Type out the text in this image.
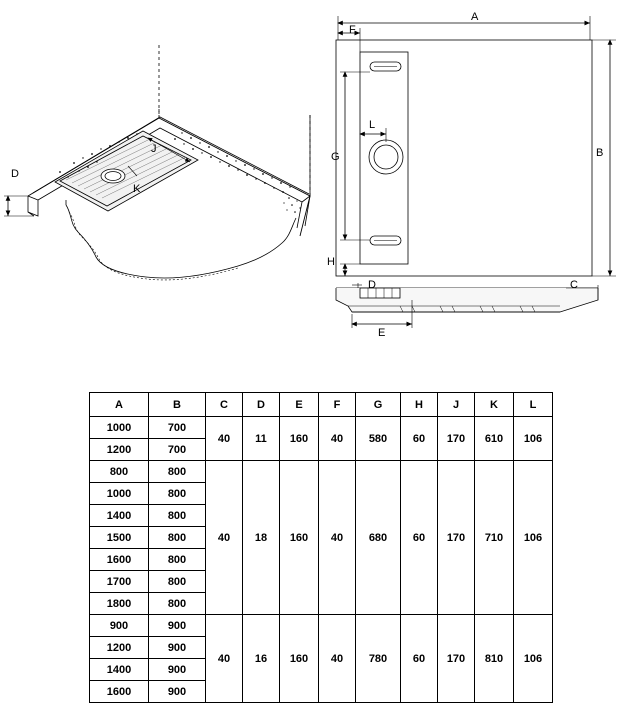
D
J
K
A
F
B
G
L
H
D	C
E
A	B	C	D	E	F	G	H	J	K	L
1000	700	40	11	160	40	580	60	170	610	106
1200	700									
800	800	40	18	160	40	680	60	170	710	106
1000	800									
1400	800									
1500	800									
1600	800									
1700	800									
1800	800									
900	900	40	16	160	40	780	60	170	810	106
1200	900									
1400	900									
1600	900									
